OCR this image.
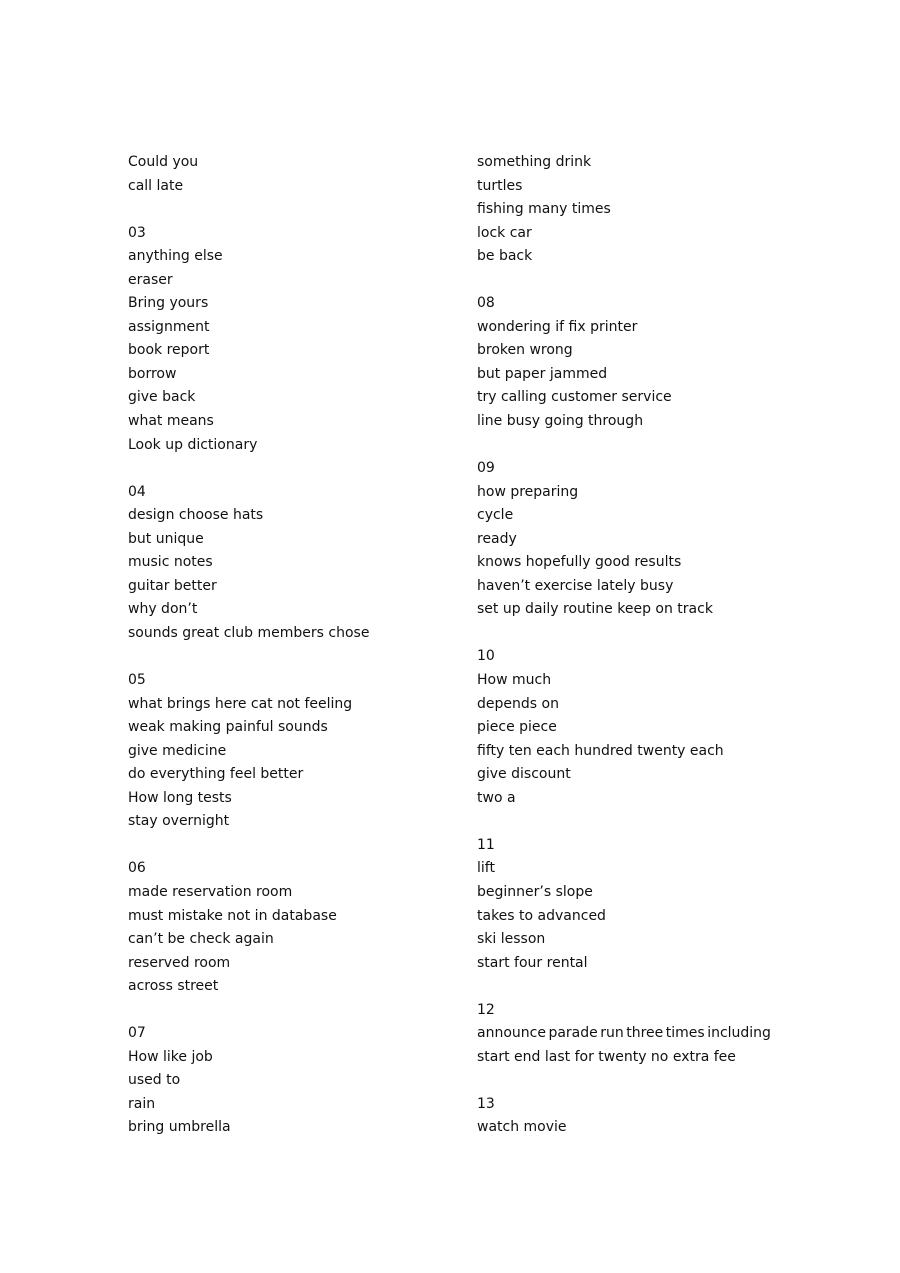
Could you
call late
03
anything else
eraser
Bring yours
assignment
book report
borrow
give back
what means
Look up dictionary
04
design choose hats
but unique
music notes
guitar better
why don’t
sounds great club members chose
05
what brings here cat not feeling
weak making painful sounds
give medicine
do everything feel better
How long tests
stay overnight
06
made reservation room
must mistake not in database
can’t be check again
reserved room
across street
07
How like job
used to
rain
bring umbrella
something drink
turtles
fishing many times
lock car
be back
08
wondering if fix printer
broken wrong
but paper jammed
try calling customer service
line busy going through
09
how preparing
cycle
ready
knows hopefully good results
haven’t exercise lately busy
set up daily routine keep on track
10
How much
depends on
piece piece
fifty ten each hundred twenty each
give discount
two a
11
lift
beginner’s slope
takes to advanced
ski lesson
start four rental
12
announce parade run three times including
start end last for twenty no extra fee
13
watch movie
